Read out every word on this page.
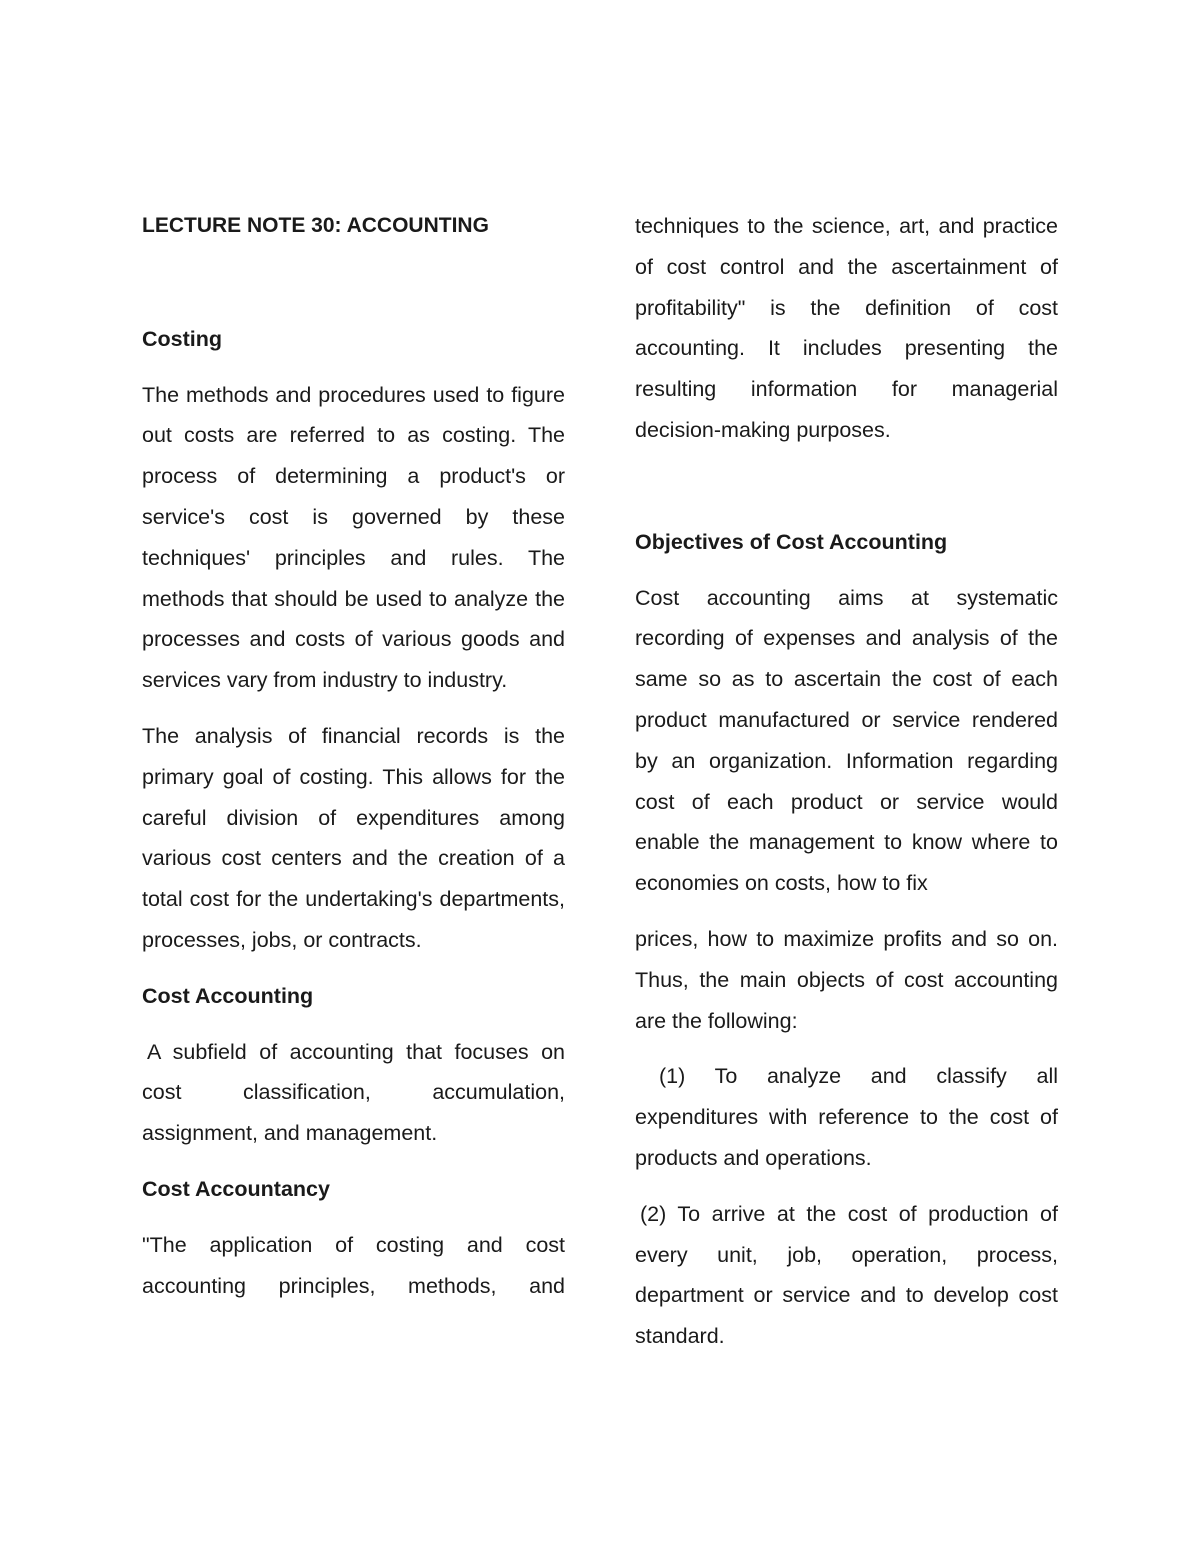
LECTURE NOTE 30: ACCOUNTING
Costing

The methods and procedures used to figure out costs are referred to as costing. The process of determining a product's or service's cost is governed by these techniques' principles and rules. The methods that should be used to analyze the processes and costs of various goods and services vary from industry to industry.

The analysis of financial records is the primary goal of costing. This allows for the careful division of expenditures among various cost centers and the creation of a total cost for the undertaking's departments, processes, jobs, or contracts.

Cost Accounting

A subfield of accounting that focuses on cost classification, accumulation, assignment, and management.

Cost Accountancy

"The application of costing and cost accounting principles, methods, and

techniques to the science, art, and practice of cost control and the ascertainment of profitability" is the definition of cost accounting. It includes presenting the resulting information for managerial decision-making purposes.

Objectives of Cost Accounting

Cost accounting aims at systematic recording of expenses and analysis of the same so as to ascertain the cost of each product manufactured or service rendered by an organization. Information regarding cost of each product or service would enable the management to know where to economies on costs, how to fix

prices, how to maximize profits and so on. Thus, the main objects of cost accounting are the following:

(1) To analyze and classify all expenditures with reference to the cost of products and operations.

(2) To arrive at the cost of production of every unit, job, operation, process, department or service and to develop cost standard.
